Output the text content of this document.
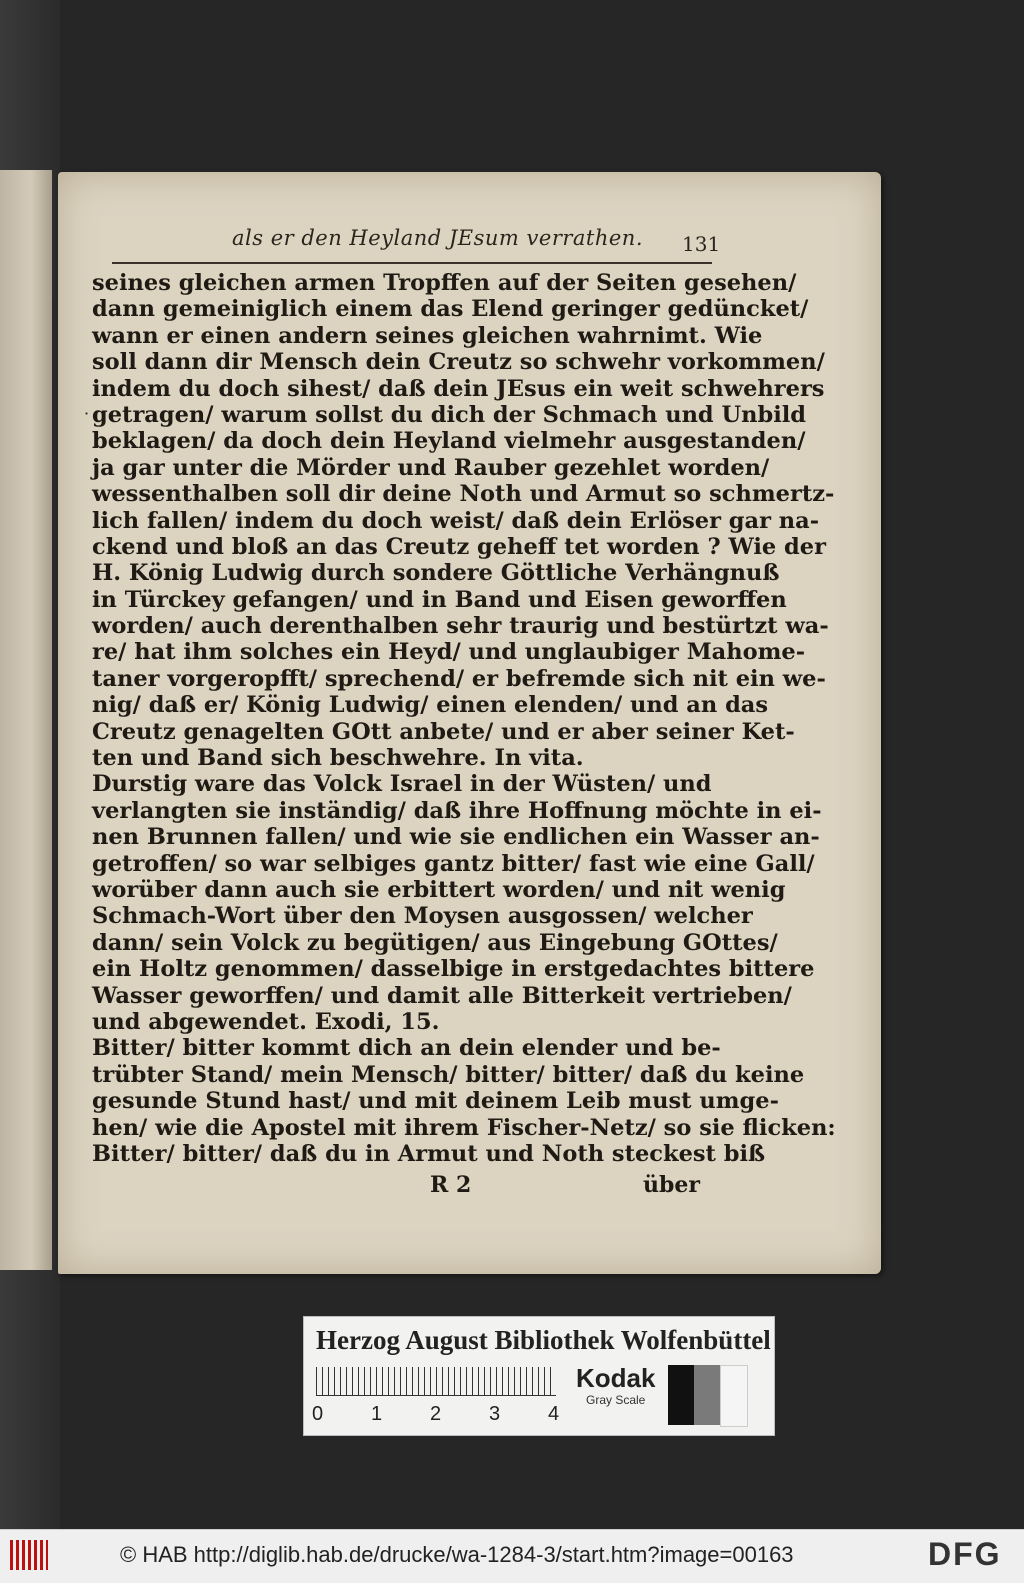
als er den Heyland JEsum verrathen. 131
·
seines gleichen armen Tropffen auf der Seiten gesehen/
dann gemeiniglich einem das Elend geringer gedüncket/
wann er einen andern seines gleichen wahrnimt. Wie
soll dann dir Mensch dein Creutz so schwehr vorkommen/
indem du doch sihest/ daß dein JEsus ein weit schwehrers
getragen/ warum sollst du dich der Schmach und Unbild
beklagen/ da doch dein Heyland vielmehr ausgestanden/
ja gar unter die Mörder und Rauber gezehlet worden/
wessenthalben soll dir deine Noth und Armut so schmertz-
lich fallen/ indem du doch weist/ daß dein Erlöser gar na-
ckend und bloß an das Creutz geheff tet worden ? Wie der
H. König Ludwig durch sondere Göttliche Verhängnuß
in Türckey gefangen/ und in Band und Eisen geworffen
worden/ auch derenthalben sehr traurig und bestürtzt wa-
re/ hat ihm solches ein Heyd/ und unglaubiger Mahome-
taner vorgeropfft/ sprechend/ er befremde sich nit ein we-
nig/ daß er/ König Ludwig/ einen elenden/ und an das
Creutz genagelten GOtt anbete/ und er aber seiner Ket-
ten und Band sich beschwehre. In vita.
Durstig ware das Volck Israel in der Wüsten/ und
verlangten sie inständig/ daß ihre Hoffnung möchte in ei-
nen Brunnen fallen/ und wie sie endlichen ein Wasser an-
getroffen/ so war selbiges gantz bitter/ fast wie eine Gall/
worüber dann auch sie erbittert worden/ und nit wenig
Schmach-Wort über den Moysen ausgossen/ welcher
dann/ sein Volck zu begütigen/ aus Eingebung GOttes/
ein Holtz genommen/ dasselbige in erstgedachtes bittere
Wasser geworffen/ und damit alle Bitterkeit vertrieben/
und abgewendet. Exodi, 15.
Bitter/ bitter kommt dich an dein elender und be-
trübter Stand/ mein Mensch/ bitter/ bitter/ daß du keine
gesunde Stund hast/ und mit deinem Leib must umge-
hen/ wie die Apostel mit ihrem Fischer-Netz/ so sie flicken:
Bitter/ bitter/ daß du in Armut und Noth steckest biß
R 2	über
Herzog August Bibliothek Wolfenbüttel
0 1 2 3 4
Kodak
Gray Scale
© HAB http://diglib.hab.de/drucke/wa-1284-3/start.htm?image=00163	DFG
